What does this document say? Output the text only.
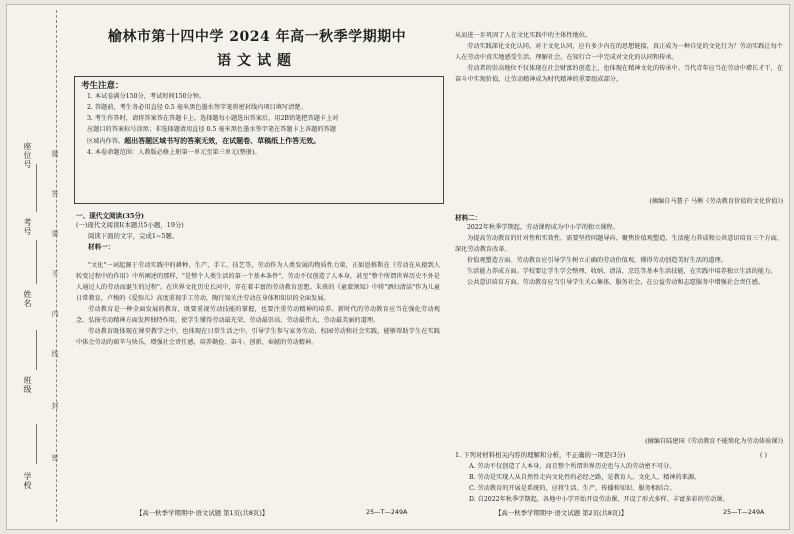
学校
班级
姓名
考号
座位号
密
封
线
内
不
要
答
题
榆林市第十四中学 2024 年高一秋季学期期中
语文试题
考生注意：

1. 本试卷满分150分，考试时间150分钟。

2. 答题前，考生务必用直径 0.5 毫米黑色墨水签字笔将密封线内项目填写清楚。

3. 考生作答时，请将答案答在答题卡上。选择题每小题选出答案后，用2B铅笔把答题卡上对

应题目的答案标号涂黑；非选择题请用直径 0.5 毫米黑色墨水签字笔在答题卡上各题的答题

区域内作答。超出答题区域书写的答案无效，在试题卷、草稿纸上作答无效。

4. 本卷命题范围：人教版必修上册第一单元至第三单元(整册)。

一、现代文阅读(35分)

(一)现代文阅读Ⅰ(本题共5小题，19分)

阅读下面的文字，完成1~5题。

材料一：

"文化"一词起源于劳动实践中的耕种、生产、手工、技艺等，劳动作为人类发展的物质性力量，正如恩格斯在《劳动在从猿到人转变过程中的作用》中所阐述的那样，"是整个人类生活的第一个基本条件"。劳动不仅创造了人本身，甚至"整个所谓世界历史不外是人通过人的劳动而诞生的过程"。在世界文化历史长河中，存在着丰富的劳动教育思想。朱熹的《童蒙须知》中将"洒扫清洁"作为儿童日常教育，卢梭的《爱弥儿》高度重视手工劳动，陶行知关注劳动在身体和知识的全面发展。

劳动教育是一种全面发展的教育，既要重视劳动技能的掌握，也要注重劳动精神的培养。新时代的劳动教育应当在强化劳动观念、弘扬劳动精神方面发挥独特作用，使学生懂得劳动最光荣、劳动最崇高、劳动最伟大、劳动最美丽的道理。

劳动教育既体现在课堂教学之中，也体现在日常生活之中。引导学生参与家务劳动、校园劳动和社会实践，能够帮助学生在实践中体会劳动的艰辛与快乐，增强社会责任感，培养勤俭、奋斗、创新、奉献的劳动精神。

【高一秋季学期期中·语文试题 第1页(共8页)】	25—T—249A

从而进一步巩固了人在文化实践中的主体性地位。

劳动实践深化文化认同。对于文化认同，应有多少内在的思想链接，真正成为一种自觉的文化行为？劳动实践让每个人在劳动中真实地感受生活、理解社会，在知行合一中完成对文化的认同和传承。

劳动者的崇高地位不仅体现在社会财富的创造上，也体现在精神文化的传承中。当代青年应当在劳动中增长才干，在奋斗中实现价值，让劳动精神成为时代精神的重要组成部分。

(摘编自马慧子 马衡《劳动教育价值的文化价值》)

材料二：

2022年秋季学期起，劳动课程成为中小学的独立课程。

为提高劳动教育的针对性和实效性，需要坚持问题导向，聚焦价值观塑造、生活能力养成和公共意识培育三个方面，深化劳动教育改革。

价值观塑造方面。劳动教育应引导学生树立正确的劳动价值观，懂得劳动创造美好生活的道理。

生活能力养成方面。学校要让学生学会整理、收纳、清洁、烹饪等基本生活技能，在实践中培养独立生活的能力。

公共意识培育方面。劳动教育应当引导学生关心集体、服务社会，在公益劳动和志愿服务中增强社会责任感。

(摘编自陆建国《劳动教育不能简化为劳动体验课》)

1. 下列对材料相关内容的理解和分析，不正确的一项是(3分)	( )

A. 劳动不仅创造了人本身，而且整个所谓世界历史也与人的劳动密不可分。

B. 劳动是实现人从自然性走向文化性的必经之路，是教育人、文化人、精神的来源。

C. 劳动教育的开展是系统的，应将生活、生产、传播和知识、服务相结合。

D. 自2022年秋季学期起，各地中小学开始开设劳动课，开设了形式多样、丰富多彩的劳动课。

【高一秋季学期期中·语文试题 第2页(共8页)】	25—T—249A
